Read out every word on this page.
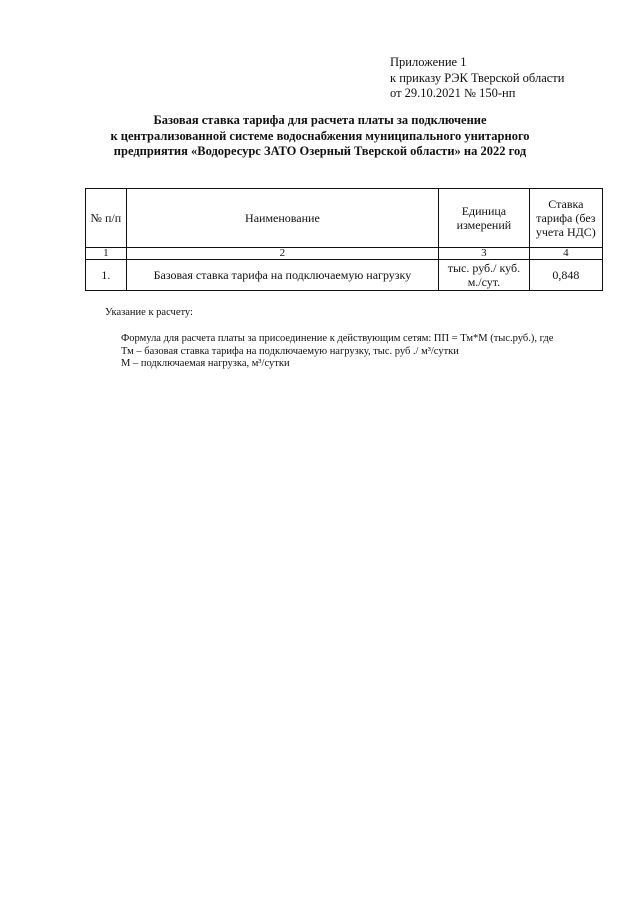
Приложение 1
к приказу РЭК Тверской области
от 29.10.2021 № 150-нп
Базовая ставка тарифа для расчета платы за подключение
к централизованной системе водоснабжения муниципального унитарного
предприятия «Водоресурс ЗАТО Озерный Тверской области» на 2022 год
№ п/п	Наименование	Единица измерений	Ставка тарифа (без учета НДС)
1	2	3	4
1.	Базовая ставка тарифа на подключаемую нагрузку	тыс. руб./ куб. м./сут.	0,848
Указание к расчету:
Формула для расчета платы за присоединение к действующим сетям: ПП = Тм*М (тыс.руб.), где
Тм – базовая ставка тарифа на подключаемую нагрузку, тыс. руб ./ м³/сутки
М – подключаемая нагрузка, м³/сутки
